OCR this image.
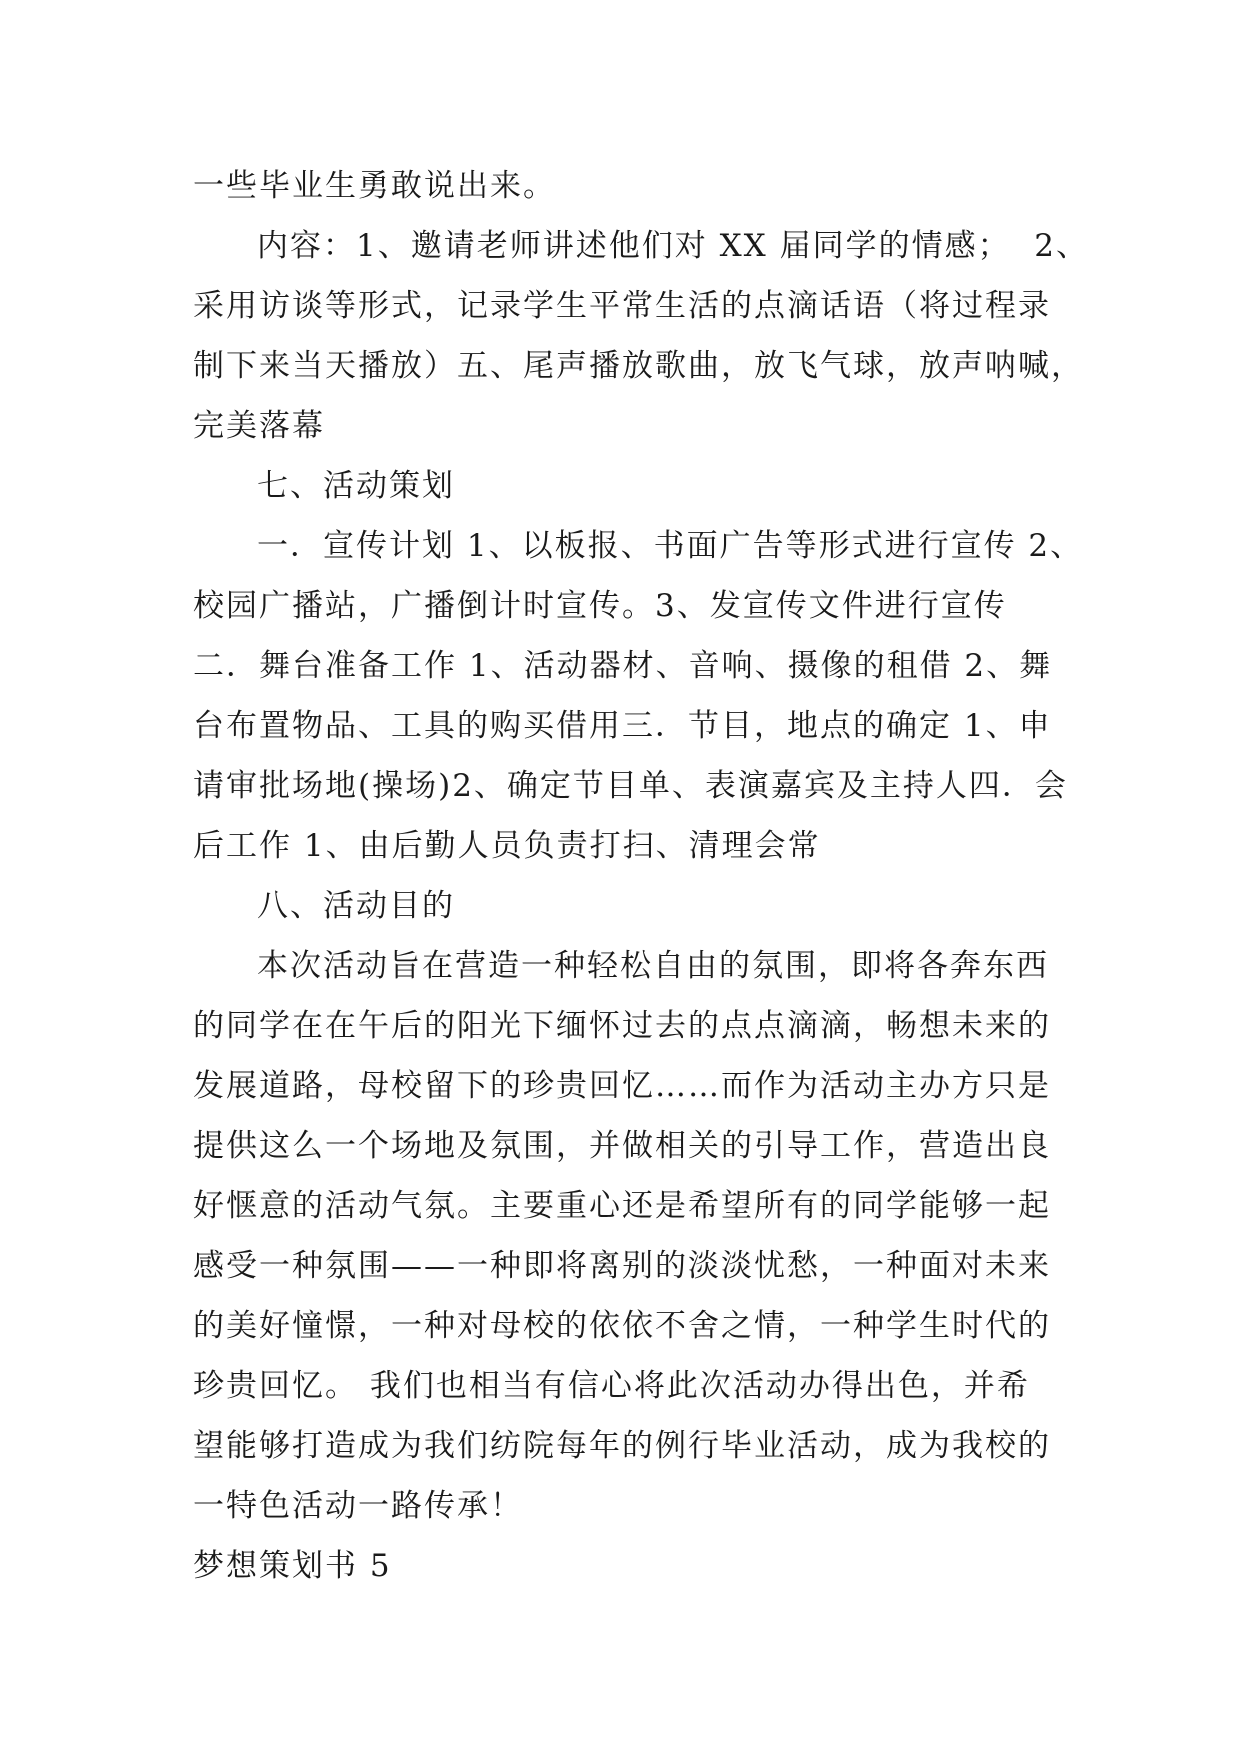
一些毕业生勇敢说出来。
内容：1、邀请老师讲述他们对 XX 届同学的情感；  2、
采用访谈等形式，记录学生平常生活的点滴话语（将过程录
制下来当天播放）五、尾声播放歌曲，放飞气球，放声呐喊，
完美落幕
七、活动策划
一．宣传计划 1、以板报、书面广告等形式进行宣传 2、
校园广播站，广播倒计时宣传。3、发宣传文件进行宣传
二．舞台准备工作 1、活动器材、音响、摄像的租借 2、舞
台布置物品、工具的购买借用三．节目，地点的确定 1、申
请审批场地(操场)2、确定节目单、表演嘉宾及主持人四．会
后工作 1、由后勤人员负责打扫、清理会常
八、活动目的
本次活动旨在营造一种轻松自由的氛围，即将各奔东西
的同学在在午后的阳光下缅怀过去的点点滴滴，畅想未来的
发展道路，母校留下的珍贵回忆……而作为活动主办方只是
提供这么一个场地及氛围，并做相关的引导工作，营造出良
好惬意的活动气氛。主要重心还是希望所有的同学能够一起
感受一种氛围——一种即将离别的淡淡忧愁，一种面对未来
的美好憧憬，一种对母校的依依不舍之情，一种学生时代的
珍贵回忆。 我们也相当有信心将此次活动办得出色，并希
望能够打造成为我们纺院每年的例行毕业活动，成为我校的
一特色活动一路传承！
梦想策划书 5
